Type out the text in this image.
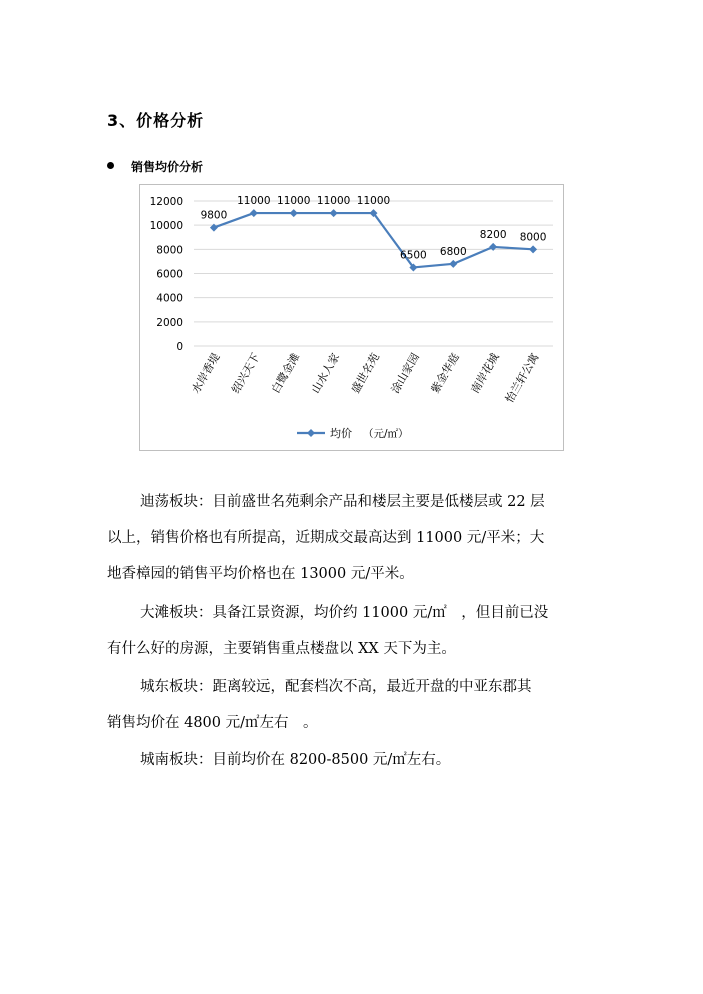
3、价格分析
销售均价分析
0
2000
4000
6000
8000
10000
12000
9800
水岸香堤
11000
绍兴天下
11000
白鹭金滩
11000
山水人家
11000
盛世名苑
6500
涂山家园
6800
紫金华庭
8200
南岸花城
8000
怡兰轩公寓
均价 （元/㎡）
迪荡板块：目前盛世名苑剩余产品和楼层主要是低楼层或 22 层
以上，销售价格也有所提高，近期成交最高达到 11000 元/平米；大
地香樟园的销售平均价格也在 13000 元/平米。
大滩板块：具备江景资源，均价约 11000 元/㎡　，但目前已没
有什么好的房源，主要销售重点楼盘以 XX 天下为主。
城东板块：距离较远，配套档次不高，最近开盘的中亚东郡其
销售均价在 4800 元/㎡左右　。
城南板块：目前均价在 8200-8500 元/㎡左右。
